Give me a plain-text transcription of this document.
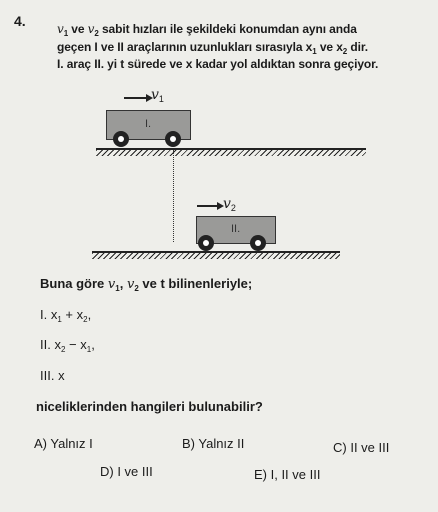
4.	$v_1$ ve $v_2$ sabit hızları ile şekildeki konumdan aynı anda
geçen I ve II araçlarının uzunlukları sırasıyla $x_1$ ve $x_2$ dir.
I. araç II. yi t sürede ve x kadar yol aldıktan sonra geçiyor.
$v_1$
I.
$v_2$
II.
Buna göre $v_1$, $v_2$ ve t bilinenleriyle;
I. $x_1 + x_2$,
II. $x_2 - x_1$,
III. x
niceliklerinden hangileri bulunabilir?
A) Yalnız I	B) Yalnız II	C) II ve III
D) I ve III	E) I, II ve III
